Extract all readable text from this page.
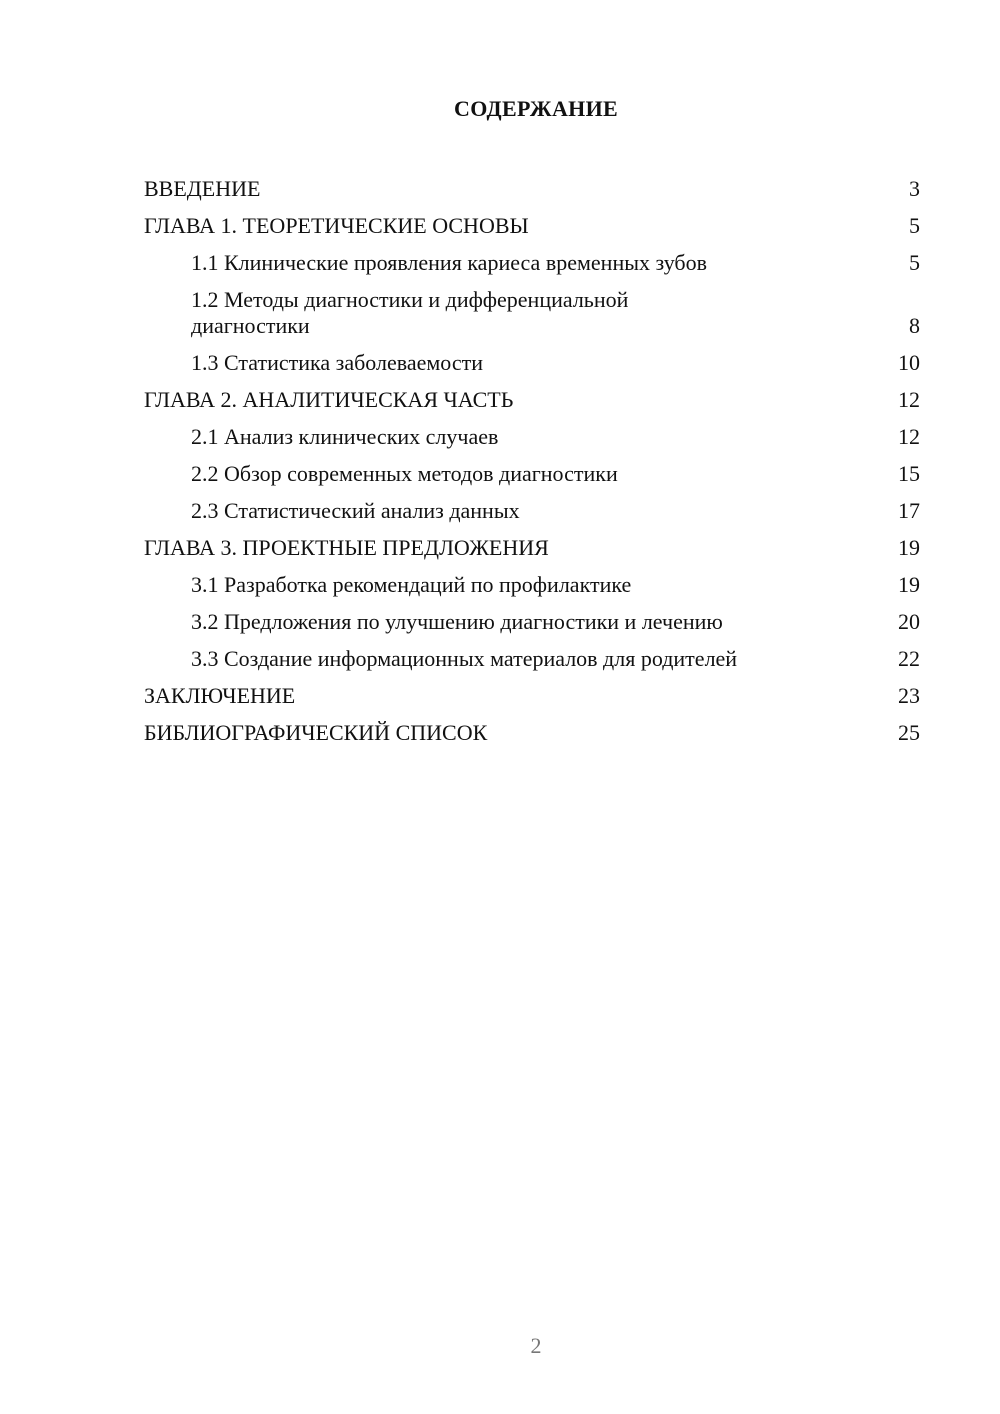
СОДЕРЖАНИЕ
ВВЕДЕНИЕ	3
ГЛАВА 1. ТЕОРЕТИЧЕСКИЕ ОСНОВЫ	5
1.1 Клинические проявления кариеса временных зубов	5
1.2 Методы диагностики и дифференциальной диагностики	8
1.3 Статистика заболеваемости	10
ГЛАВА 2. АНАЛИТИЧЕСКАЯ ЧАСТЬ	12
2.1 Анализ клинических случаев	12
2.2 Обзор современных методов диагностики	15
2.3 Статистический анализ данных	17
ГЛАВА 3. ПРОЕКТНЫЕ ПРЕДЛОЖЕНИЯ	19
3.1 Разработка рекомендаций по профилактике	19
3.2 Предложения по улучшению диагностики и лечению	20
3.3 Создание информационных материалов для родителей	22
ЗАКЛЮЧЕНИЕ	23
БИБЛИОГРАФИЧЕСКИЙ СПИСОК	25
2
